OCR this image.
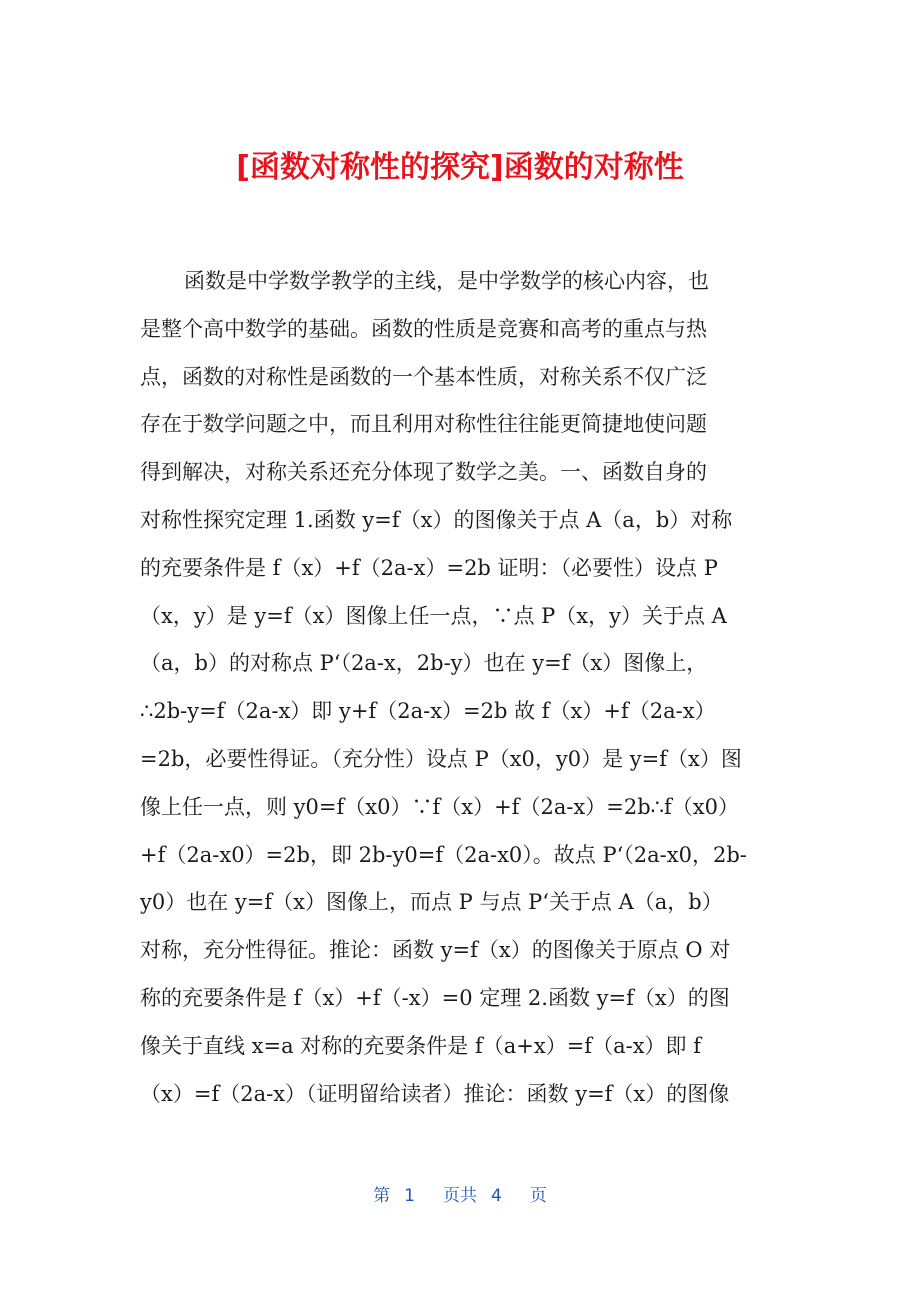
[函数对称性的探究]函数的对称性
函数是中学数学教学的主线，是中学数学的核心内容，也
是整个高中数学的基础。函数的性质是竞赛和高考的重点与热
点，函数的对称性是函数的一个基本性质，对称关系不仅广泛
存在于数学问题之中，而且利用对称性往往能更简捷地使问题
得到解决，对称关系还充分体现了数学之美。一、函数自身的
对称性探究定理 1.函数 y=f（x）的图像关于点 A（a，b）对称
的充要条件是 f（x）+f（2a-x）=2b 证明：（必要性）设点 P
（x，y）是 y=f（x）图像上任一点，∵点 P（x，y）关于点 A
（a，b）的对称点 P‘（2a-x，2b-y）也在 y=f（x）图像上，
∴2b-y=f（2a-x）即 y+f（2a-x）=2b 故 f（x）+f（2a-x）
=2b，必要性得证。（充分性）设点 P（x0，y0）是 y=f（x）图
像上任一点，则 y0=f（x0）∵f（x）+f（2a-x）=2b∴f（x0）
+f（2a-x0）=2b，即 2b-y0=f（2a-x0）。故点 P‘（2a-x0，2b-
y0）也在 y=f（x）图像上，而点 P 与点 P‘关于点 A（a，b）
对称，充分性得征。推论：函数 y=f（x）的图像关于原点 O 对
称的充要条件是 f（x）+f（-x）=0 定理 2.函数 y=f（x）的图
像关于直线 x=a 对称的充要条件是 f（a+x）=f（a-x）即 f
（x）=f（2a-x）（证明留给读者）推论：函数 y=f（x）的图像
第 1 页共 4 页
